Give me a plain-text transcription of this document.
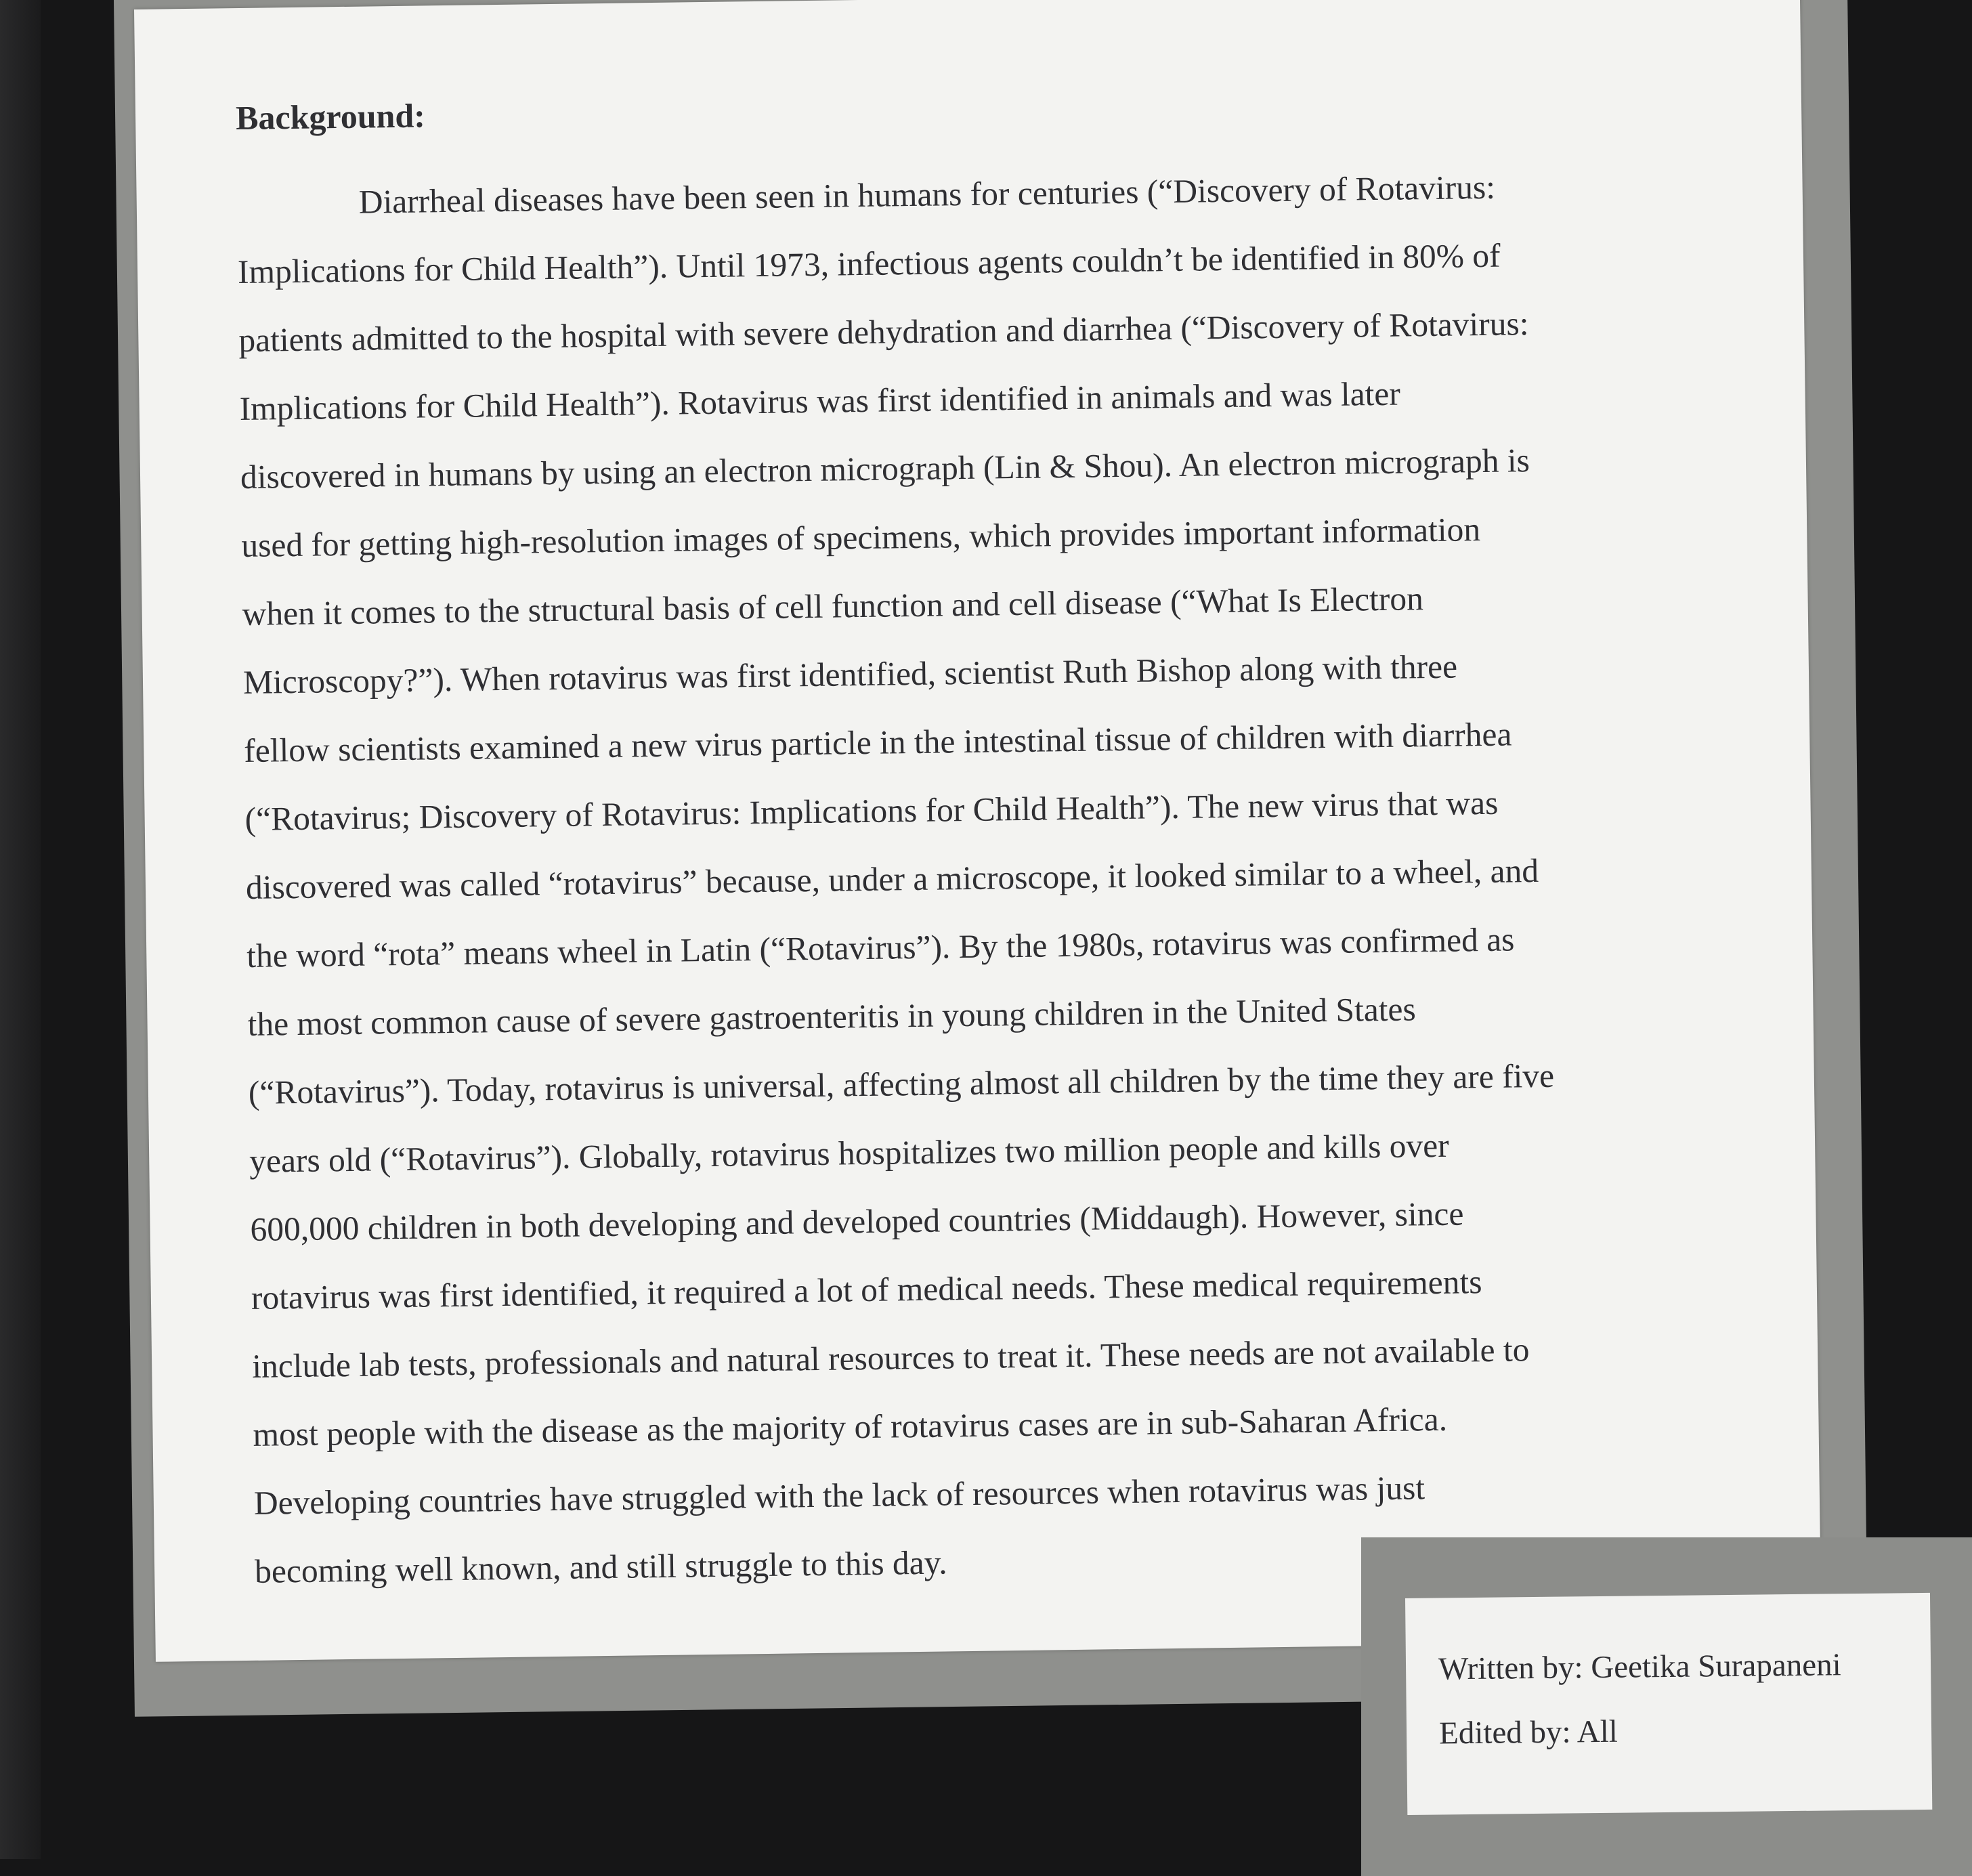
Background:
Diarrheal diseases have been seen in humans for centuries (“Discovery of Rotavirus:
Implications for Child Health”). Until 1973, infectious agents couldn’t be identified in 80% of
patients admitted to the hospital with severe dehydration and diarrhea (“Discovery of Rotavirus:
Implications for Child Health”). Rotavirus was first identified in animals and was later
discovered in humans by using an electron micrograph (Lin & Shou). An electron micrograph is
used for getting high-resolution images of specimens, which provides important information
when it comes to the structural basis of cell function and cell disease (“What Is Electron
Microscopy?”). When rotavirus was first identified, scientist Ruth Bishop along with three
fellow scientists examined a new virus particle in the intestinal tissue of children with diarrhea
(“Rotavirus; Discovery of Rotavirus: Implications for Child Health”). The new virus that was
discovered was called “rotavirus” because, under a microscope, it looked similar to a wheel, and
the word “rota” means wheel in Latin (“Rotavirus”). By the 1980s, rotavirus was confirmed as
the most common cause of severe gastroenteritis in young children in the United States
(“Rotavirus”). Today, rotavirus is universal, affecting almost all children by the time they are five
years old (“Rotavirus”). Globally, rotavirus hospitalizes two million people and kills over
600,000 children in both developing and developed countries (Middaugh). However, since
rotavirus was first identified, it required a lot of medical needs. These medical requirements
include lab tests, professionals and natural resources to treat it. These needs are not available to
most people with the disease as the majority of rotavirus cases are in sub-Saharan Africa.
Developing countries have struggled with the lack of resources when rotavirus was just
becoming well known, and still struggle to this day.
Written by: Geetika Surapaneni
Edited by: All
